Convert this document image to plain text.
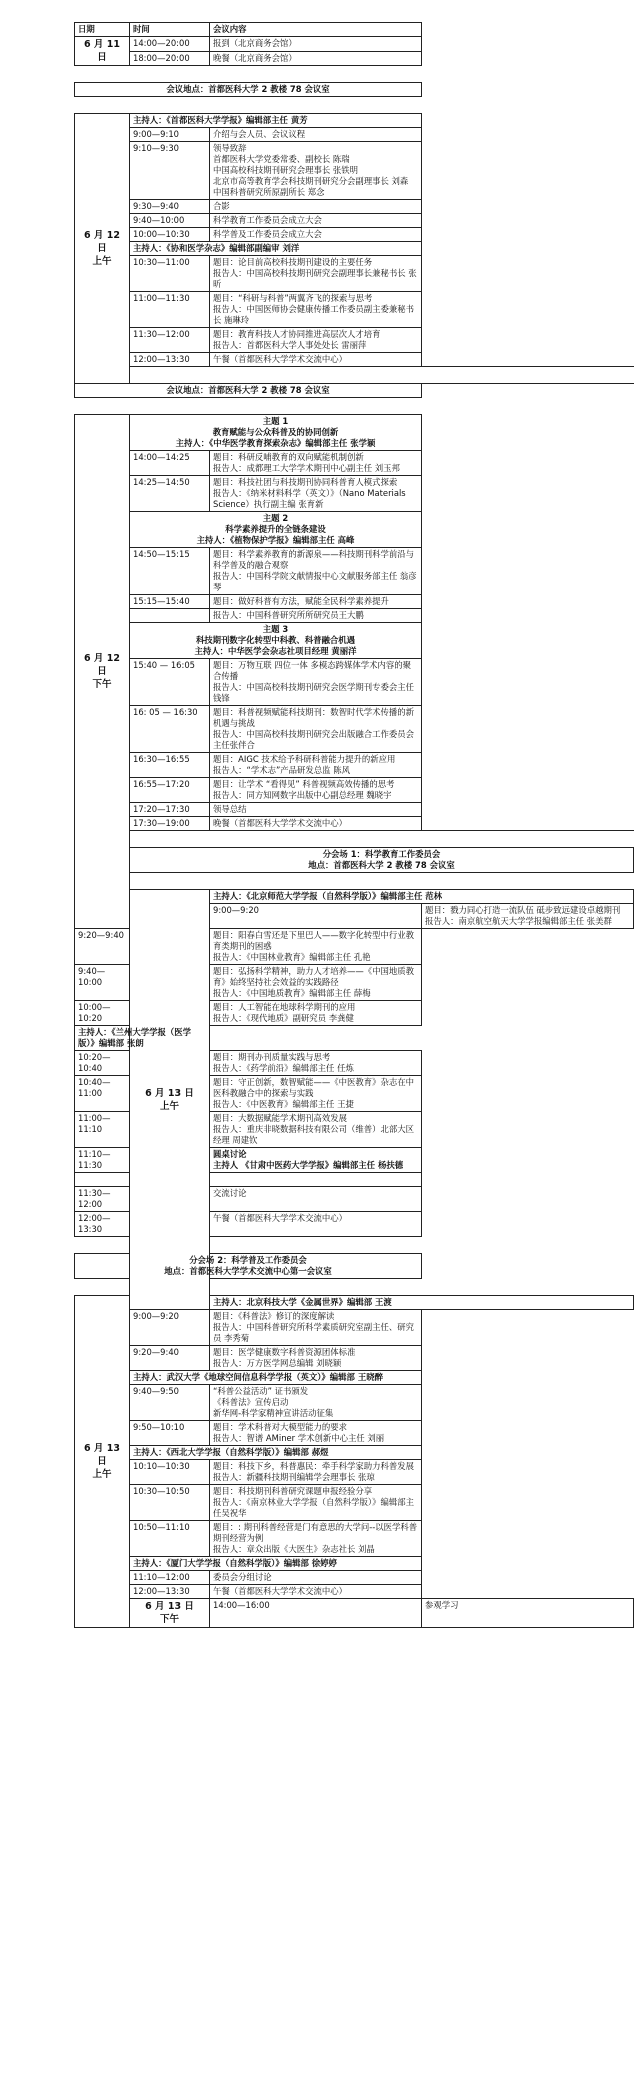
日期	时间	会议内容	

6 月 11 日	14:00—20:00	报到（北京商务会馆）	

	18:00—20:00	晚餐（北京商务会馆）	

会议地点：首都医科大学 2 教楼 78 会议室			

6 月 12 日
上午	主持人：《首都医科大学学报》编辑部主任 黄芳		

	9:00—9:10	介绍与会人员、会议议程	

	9:10—9:30	领导致辞
首都医科大学党委常委、副校长 陈瑞
中国高校科技期刊研究会理事长 张铁明
北京市高等教育学会科技期刊研究分会副理事长 刘森
中国科普研究所原副所长 郑念	

	9:30—9:40	合影	

	9:40—10:00	科学教育工作委员会成立大会	

	10:00—10:30	科学普及工作委员会成立大会	

	主持人：《协和医学杂志》编辑部副编审 刘洋		

	10:30—11:00	题目：论目前高校科技期刊建设的主要任务
报告人：中国高校科技期刊研究会副理事长兼秘书长 张昕	

	11:00—11:30	题目：“科研与科普”两翼齐飞的探索与思考
报告人：中国医师协会健康传播工作委员副主委兼秘书长 施琳玲	

	11:30—12:00	题目：教育科技人才协同推进高层次人才培育
报告人：首都医科大学人事处处长 雷丽萍	

	12:00—13:30	午餐（首都医科大学学术交流中心）	

会议地点：首都医科大学 2 教楼 78 会议室			

6 月 12 日
下午	主题 1
教育赋能与公众科普及的协同创新
主持人：《中华医学教育探索杂志》编辑部主任 张学颖		

	14:00—14:25	题目：科研反哺教育的双向赋能机制创新
报告人：成都理工大学学术期刊中心副主任 刘玉邦	

	14:25—14:50	题目：科技社团与科技期刊协同科普育人模式探索
报告人：《纳米材料科学（英文）》（Nano Materials Science）执行副主编 张育新	

	主题 2
科学素养提升的全链条建设
主持人：《植物保护学报》编辑部主任 高峰		

	14:50—15:15	题目：科学素养教育的新源泉——科技期刊科学前沿与科学普及的融合观察
报告人：中国科学院文献情报中心文献服务部主任 翁彦琴	

	15:15—15:40	题目：做好科普有方法，赋能全民科学素养提升	

		报告人：中国科普研究所所研究员王大鹏	

	主题 3
科技期刊数字化转型中科教、科普融合机遇
主持人：中华医学会杂志社项目经理 黄丽洋		

	15:40 — 16:05	题目：万物互联 四位一体 多模态跨媒体学术内容的聚合传播
报告人：中国高校科技期刊研究会医学期刊专委会主任 钱锋	

	16: 05 — 16:30	题目：科普视频赋能科技期刊：数智时代学术传播的新机遇与挑战
报告人：中国高校科技期刊研究会出版融合工作委员会主任张伴合	

	16:30—16:55	题目：AIGC 技术给予科研科普能力提升的新应用
报告人：“学术志”产品研发总监 陈风	

	16:55—17:20	题目：让学术 “看得见” 科普视频高效传播的思考
报告人：同方知网数字出版中心副总经理 魏晓宇	

	17:20—17:30	领导总结	

	17:30—19:00	晚餐（首都医科大学学术交流中心）	

	分会场 1：科学教育工作委员会
地点：首都医科大学 2 教楼 78 会议室		

	6 月 13 日
上午	主持人：《北京师范大学学报（自然科学版）》编辑部主任 范林	

		9:00—9:20	题目：戮力同心打造一流队伍 砥步致远建设卓越期刊
报告人：南京航空航天大学学报编辑部主任 张美群

9:20—9:40		题目：阳春白雪还是下里巴人——数字化转型中行业教育类期刊的困惑
报告人：《中国林业教育》编辑部主任 孔艳	

9:40—10:00		题目：弘扬科学精神，助力人才培养——《中国地质教育》始终坚持社会效益的实践路径
报告人：《中国地质教育》编辑部主任 薛梅	

10:00—10:20		题目：人工智能在地球科学期刊的应用
报告人：《现代地质》副研究员 李龚健	

主持人：《兰州大学学报（医学版）》编辑部 张朗			

10:20—10:40		题目：期刊办刊质量实践与思考
报告人：《药学前沿》编辑部主任 任炼	

10:40—11:00		题目：守正创新，数智赋能——《中医教育》杂志在中医科教融合中的探索与实践
报告人：《中医教育》编辑部主任 王捷	

11:00—11:10		题目：大数据赋能学术期刊高效发展
报告人：重庆非晓数据科技有限公司（维普）北部大区经理 周建钦	

11:10—11:30		圆桌讨论
主持人 《甘肃中医药大学学报》编辑部主任 杨扶德	

11:30—12:00		交流讨论	

12:00—13:30		午餐（首都医科大学学术交流中心）	

分会场 2：科学普及工作委员会
地点：首都医科大学学术交流中心第一会议室			

6 月 13 日
上午		主持人：北京科技大学《金属世界》编辑部 王渡	

	9:00—9:20	题目：《科普法》修订的深度解读
报告人：中国科普研究所科学素质研究室副主任、研究员 李秀菊	

	9:20—9:40	题目：医学健康数字科普资源团体标准
报告人：万方医学网总编辑 刘晓颖	

	主持人：武汉大学《地球空间信息科学学报（英文）》编辑部 王晓醉		

	9:40—9:50	“科普公益活动” 证书颁发
《科普法》宣传启动
新华网-科学家精神宣讲活动征集	

	9:50—10:10	题目：学术科普对大模型能力的要求
报告人：智谱 AMiner 学术创新中心主任 刘丽	

	主持人：《西北大学学报（自然科学版）》编辑部 郝煜		

	10:10—10:30	题目：科技下乡，科普惠民：牵手科学家助力科普发展
报告人：新疆科技期刊编辑学会理事长 张琼	

	10:30—10:50	题目：科技期刊科普研究课题申报经验分享
报告人：《南京林业大学学报（自然科学版）》编辑部主任吴祝华	

	10:50—11:10	题目：: 期刊科普经营是门有意思的大学问--以医学科普期刊经营为例
报告人：章众出版《大医生》杂志社长 刘晶	

	主持人：《厦门大学学报（自然科学版）》编辑部 徐婷婷		

	11:10—12:00	委员会分组讨论	

	12:00—13:30	午餐（首都医科大学学术交流中心）	

	6 月 13 日
下午	14:00—16:00	参观学习
